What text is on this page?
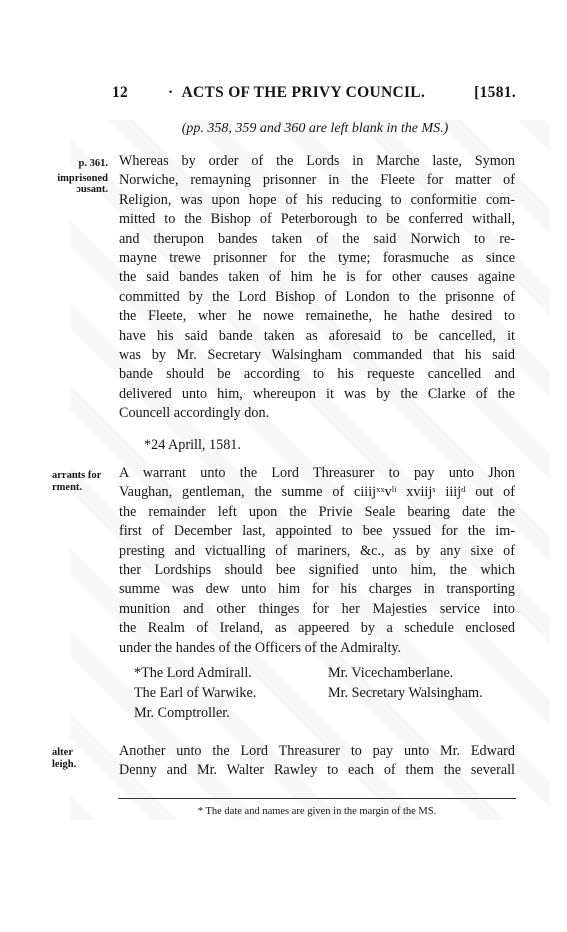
12	· ACTS OF THE PRIVY COUNCIL.	[1581.
(pp. 358, 359 and 360 are left blank in the MS.)
p. 361.
imprisoned
ɔusant.
Whereas by order of the Lords in Marche laste, Symon
Norwiche, remayning prisonner in the Fleete for matter of
Religion, was upon hope of his reducing to conformitie com-
mitted to the Bishop of Peterborough to be conferred withall,
and therupon bandes taken of the said Norwich to re-
mayne trewe prisonner for the tyme; forasmuche as since
the said bandes taken of him he is for other causes againe
committed by the Lord Bishop of London to the prisonne of
the Fleete, wher he nowe remainethe, he hathe desired to
have his said bande taken as aforesaid to be cancelled, it
was by Mr. Secretary Walsingham commanded that his said
bande should be according to his requeste cancelled and
delivered unto him, whereupon it was by the Clarke of the
Councell accordingly don.
*24 Aprill, 1581.
arrants for
rment.
A warrant unto the Lord Threasurer to pay unto Jhon
Vaughan, gentleman, the summe of $ciiij^{xx}v^{li}$ xviij$^s$ iiij$^d$ out of
the remainder left upon the Privie Seale bearing date the
first of December last, appointed to bee yssued for the im-
presting and victualling of mariners, &c., as by any sixe of
ther Lordships should bee signified unto him, the which
summe was dew unto him for his charges in transporting
munition and other thinges for her Majesties service into
the Realm of Ireland, as appeered by a schedule enclosed
under the handes of the Officers of the Admiralty.
*The Lord Admirall.	Mr. Vicechamberlane.
The Earl of Warwike.	Mr. Secretary Walsingham.
Mr. Comptroller.
alter
leigh.
Another unto the Lord Threasurer to pay unto Mr. Edward
Denny and Mr. Walter Rawley to each of them the severall
* The date and names are given in the margin of the MS.
